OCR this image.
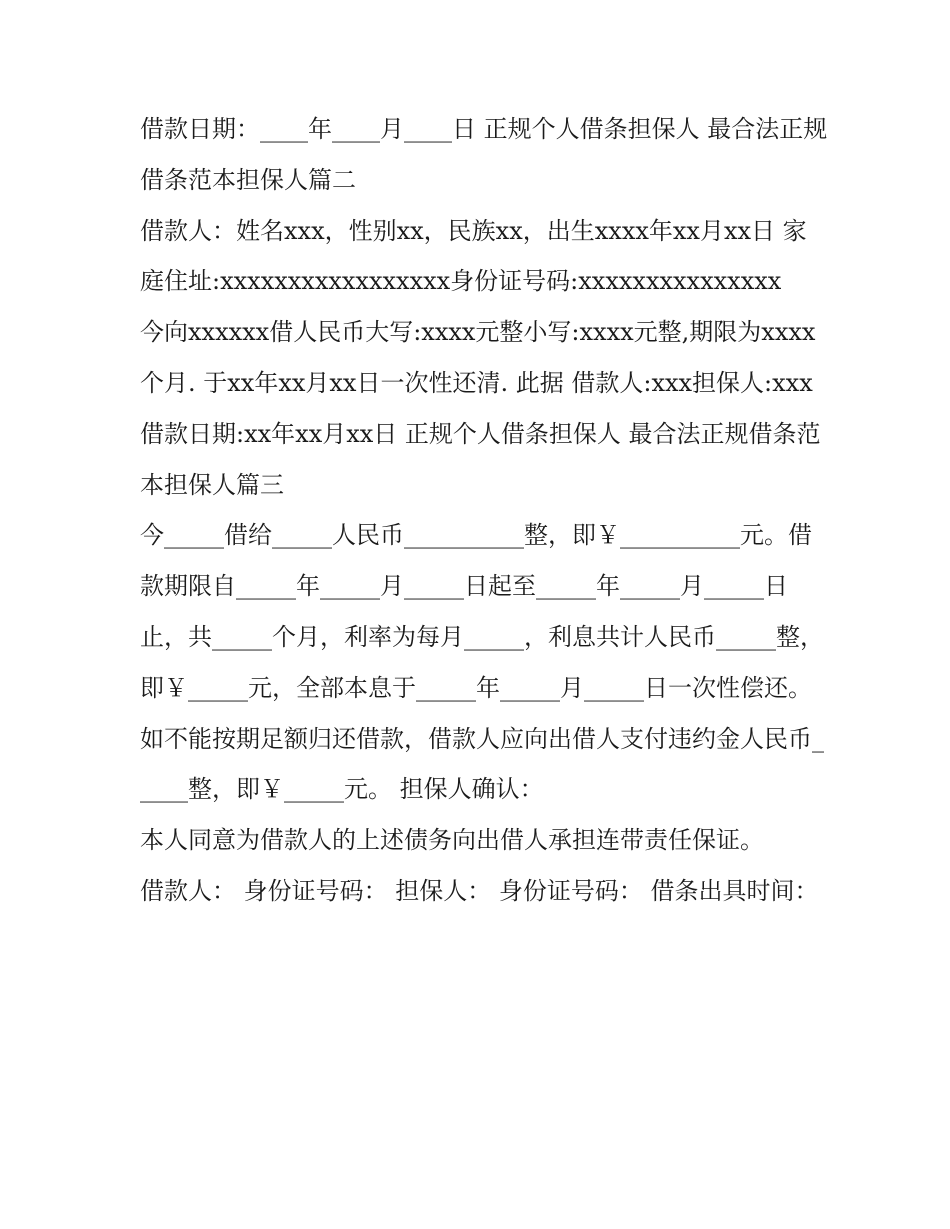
借款日期：____年____月____日 正规个人借条担保人 最合法正规借条范本担保人篇二

借款人：姓名xxx，性别xx，民族xx，出生xxxx年xx月xx日 家庭住址:xxxxxxxxxxxxxxxxx身份证号码:xxxxxxxxxxxxxxx

今向xxxxxx借人民币大写:xxxx元整小写:xxxx元整,期限为xxxx个月. 于xx年xx月xx日一次性还清. 此据 借款人:xxx担保人:xxx

借款日期:xx年xx月xx日 正规个人借条担保人 最合法正规借条范本担保人篇三

今_____借给_____人民币__________整，即￥__________元。借款期限自_____年_____月_____日起至_____年_____月_____日止，共_____个月，利率为每月_____，利息共计人民币_____整，即￥_____元，全部本息于_____年_____月_____日一次性偿还。

如不能按期足额归还借款，借款人应向出借人支付违约金人民币_____整，即￥_____元。 担保人确认：

本人同意为借款人的上述债务向出借人承担连带责任保证。

借款人： 身份证号码： 担保人： 身份证号码： 借条出具时间：
